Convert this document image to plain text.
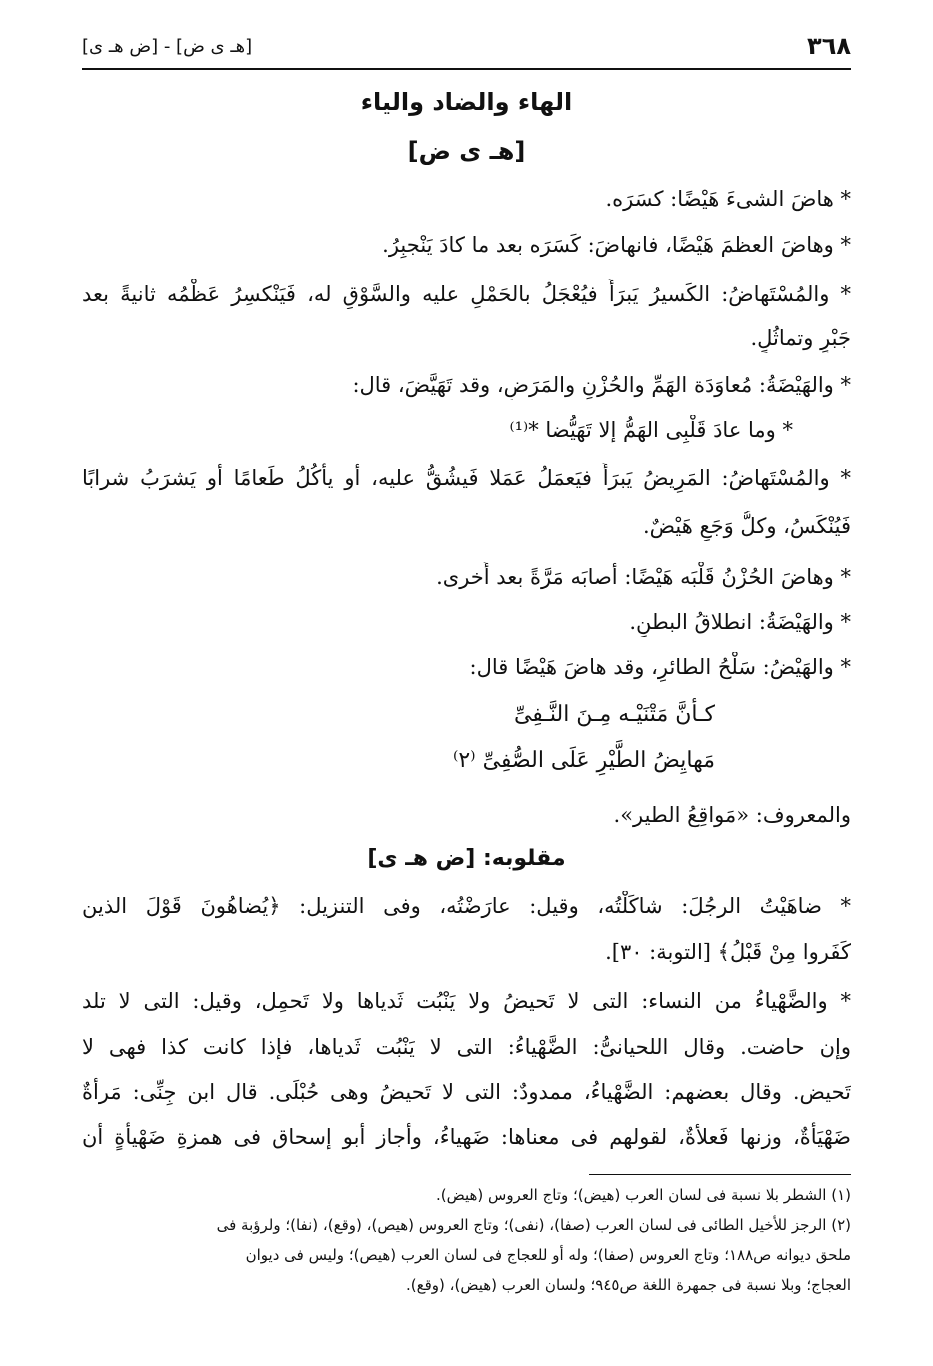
٣٦٨
[هـ ى ض] - [ض هـ ى]
الهاء والضاد والياء
[هـ ى ض]
* هاضَ الشىءَ هَيْضًا: كسَرَه.
* وهاضَ العظمَ هَيْضًا، فانهاضَ: كَسَرَه بعد ما كادَ يَنْجبِرُ.
* والمُسْتَهاضُ: الكَسيرُ يَبرَأُ فيُعْجَلُ بالحَمْلِ عليه والسَّوْقِ له، فَيَنْكسِرُ عَظْمُه ثانيةً بعد
جَبْرٍ وتماثُلٍ.
* والهَيْضَةُ: مُعاوَدَة الهَمِّ والحُزْنِ والمَرَضِ، وقد تَهَيَّضَ، قال:
* وما عادَ قَلْبِى الهَمُّ إلا تَهَيُّضا *⁽¹⁾
* والمُسْتَهاضُ: المَرِيضُ يَبرَأُ فيَعمَلُ عَمَلا فَيشُقُّ عليه، أو يأكُلُ طَعامًا أو يَشرَبُ شرابًا
فَيُنْكَسُ، وكلُّ وَجَعٍ هَيْضٌ.
* وهاضَ الحُزْنُ قَلْبَه هَيْضًا: أصابَه مَرَّةً بعد أُخرى.
* والهَيْضَةُ: انطلاقُ البطنِ.
* والهَيْضُ: سَلْحُ الطائرِ، وقد هاضَ هَيْضًا قال:
كـأنَّ مَتْنَيْـه مِـنَ النَّـفِىِّ
مَهايِضُ الطَّيْرِ عَلَى الصُّفِىِّ ⁽٢⁾
والمعروف: «مَواقِعُ الطير».
مقلوبه: [ض هـ ى]
* ضاهَيْتُ الرجُلَ: شاكَلْتُه، وقيل: عارَضْتُه، وفى التنزيل: ﴿يُضاهُونَ قَوْلَ الذين
كَفَروا مِنْ قَبْلُ﴾ [التوبة: ٣٠].
* والضَّهْياءُ من النساء: التى لا تَحيضُ ولا يَنْبُت ثَدياها ولا تَحمِل، وقيل: التى لا تلد
وإن حاضت. وقال اللحيانىُّ: الضَّهْياءُ: التى لا يَنْبُت ثَدياها، فإذا كانت كذا فهى لا
تَحيض. وقال بعضهم: الضَّهْياءُ، ممدودٌ: التى لا تَحيضُ وهى حُبْلَى. قال ابن جِنِّى: مَرأةٌ
ضَهْيَأةٌ، وزنها فَعلأةٌ، لقولهم فى معناها: ضَهياءُ، وأجاز أبو إسحاق فى همزةِ ضَهْيأةٍ أن
(١) الشطر بلا نسبة فى لسان العرب (هيض)؛ وتاج العروس (هيض).
(٢) الرجز للأخيل الطائى فى لسان العرب (صفا)، (نفى)؛ وتاج العروس (هيص)، (وقع)، (نفا)؛ ولرؤبة فى
ملحق ديوانه ص١٨٨؛ وتاج العروس (صفا)؛ وله أو للعجاج فى لسان العرب (هيص)؛ وليس فى ديوان
العجاج؛ وبلا نسبة فى جمهرة اللغة ص٩٤٥؛ ولسان العرب (هيض)، (وقع).
